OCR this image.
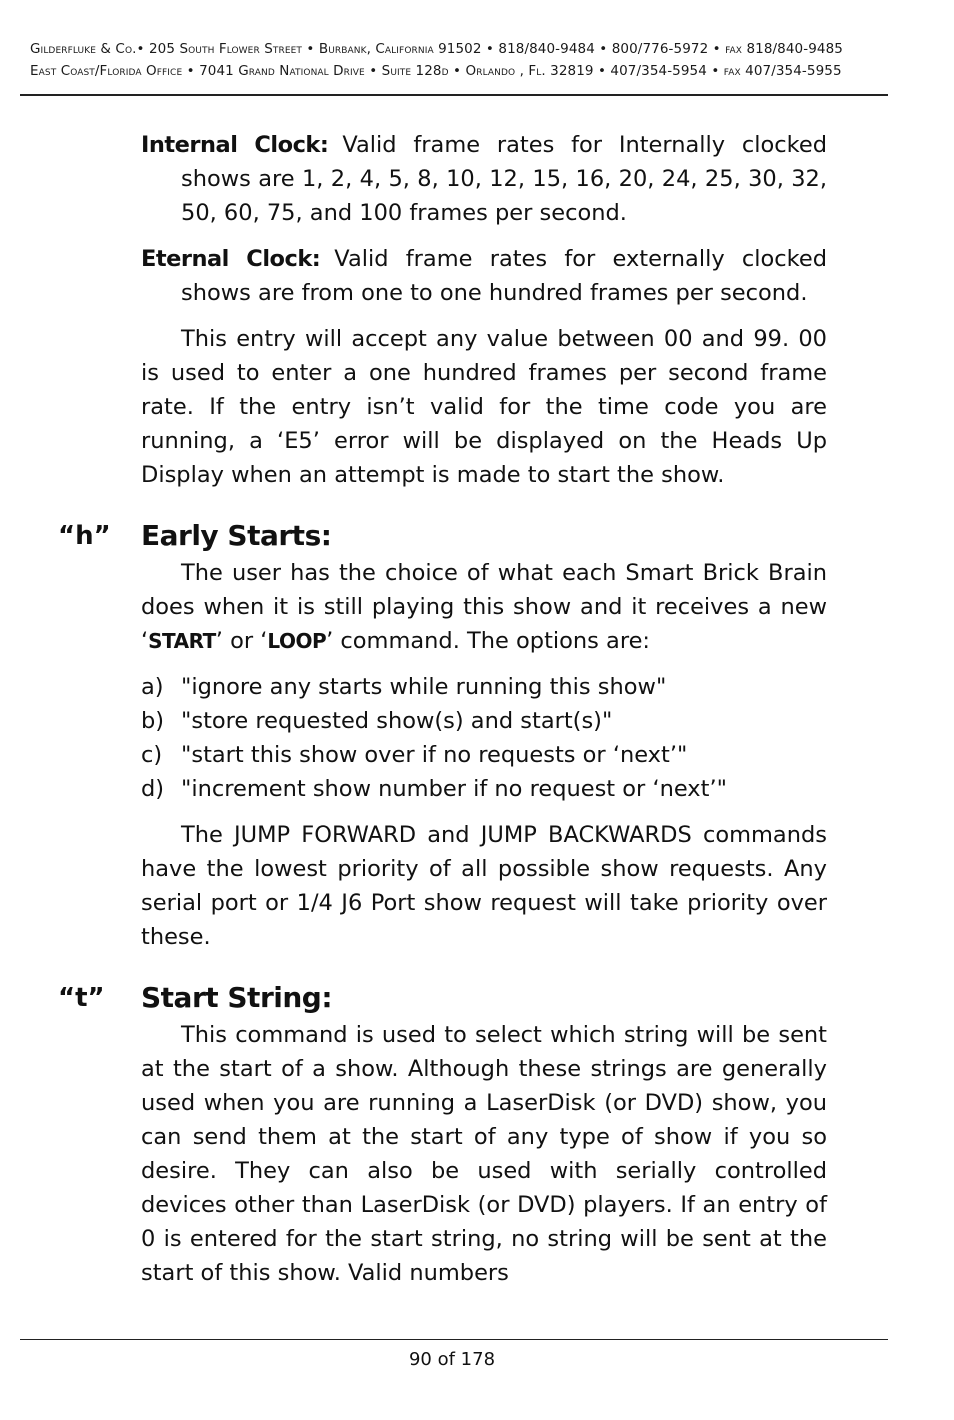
Gilderfluke & Co.• 205 South Flower Street • Burbank, California 91502 • 818/840-9484 • 800/776-5972 • fax 818/840-9485
East Coast/Florida Office • 7041 Grand National Drive • Suite 128d • Orlando , Fl. 32819 • 407/354-5954 • fax 407/354-5955

Internal Clock: Valid frame rates for Internally clocked shows are 1, 2, 4, 5, 8, 10, 12, 15, 16, 20, 24, 25, 30, 32, 50, 60, 75, and 100 frames per second.

Eternal Clock: Valid frame rates for externally clocked shows are from one to one hundred frames per second.

This entry will accept any value between 00 and 99. 00 is used to enter a one hundred frames per second frame rate. If the entry isn’t valid for the time code you are running, a ‘E5’ error will be displayed on the Heads Up Display when an attempt is made to start the show.

“h” Early Starts:

The user has the choice of what each Smart Brick Brain does when it is still playing this show and it receives a new ‘START’ or ‘LOOP’ command. The options are:

a) "ignore any starts while running this show"

b) "store requested show(s) and start(s)"

c) "start this show over if no requests or ‘next’"

d) "increment show number if no request or ‘next’"

The JUMP FORWARD and JUMP BACKWARDS commands have the lowest priority of all possible show requests. Any serial port or 1/4 J6 Port show request will take priority over these.

“t” Start String:

This command is used to select which string will be sent at the start of a show. Although these strings are generally used when you are running a LaserDisk (or DVD) show, you can send them at the start of any type of show if you so desire. They can also be used with serially controlled devices other than LaserDisk (or DVD) players. If an entry of 0 is entered for the start string, no string will be sent at the start of this show. Valid numbers

90 of 178
